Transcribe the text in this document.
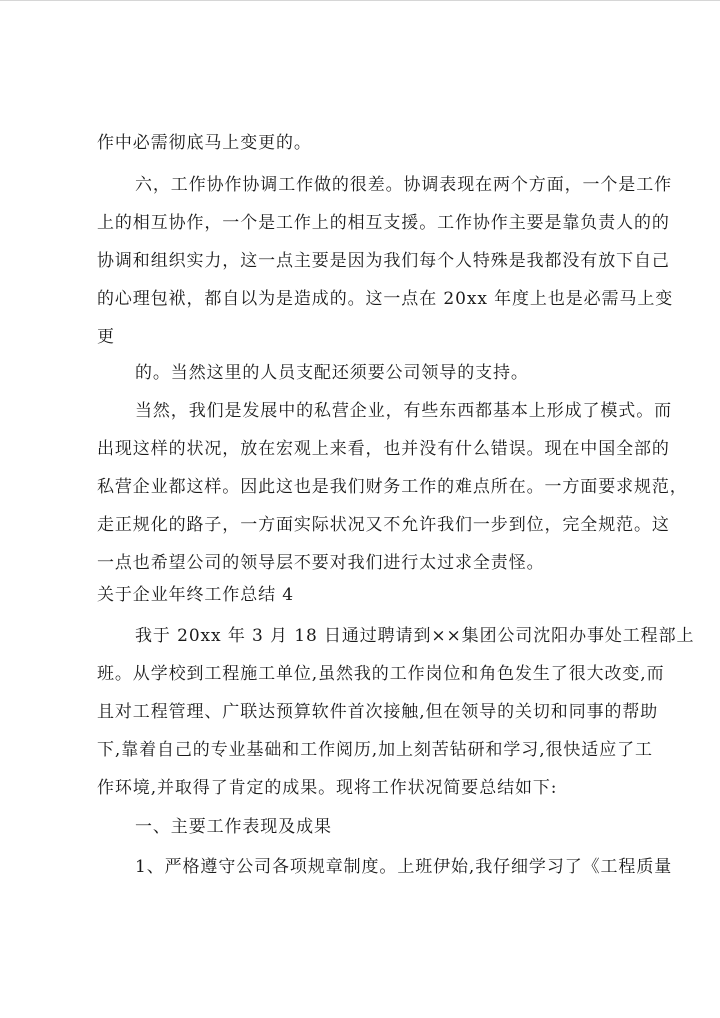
作中必需彻底马上变更的。

六，工作协作协调工作做的很差。协调表现在两个方面，一个是工作
上的相互协作，一个是工作上的相互支援。工作协作主要是靠负责人的的
协调和组织实力，这一点主要是因为我们每个人特殊是我都没有放下自己
的心理包袱，都自以为是造成的。这一点在 20xx 年度上也是必需马上变
更

的。当然这里的人员支配还须要公司领导的支持。

当然，我们是发展中的私营企业，有些东西都基本上形成了模式。而
出现这样的状况，放在宏观上来看，也并没有什么错误。现在中国全部的
私营企业都这样。因此这也是我们财务工作的难点所在。一方面要求规范，
走正规化的路子，一方面实际状况又不允许我们一步到位，完全规范。这
一点也希望公司的领导层不要对我们进行太过求全责怪。

关于企业年终工作总结 4

我于 20xx 年 3 月 18 日通过聘请到××集团公司沈阳办事处工程部上
班。从学校到工程施工单位,虽然我的工作岗位和角色发生了很大改变,而
且对工程管理、广联达预算软件首次接触,但在领导的关切和同事的帮助
下,靠着自己的专业基础和工作阅历,加上刻苦钻研和学习,很快适应了工
作环境,并取得了肯定的成果。现将工作状况简要总结如下:

一、主要工作表现及成果

1、严格遵守公司各项规章制度。上班伊始,我仔细学习了《工程质量
